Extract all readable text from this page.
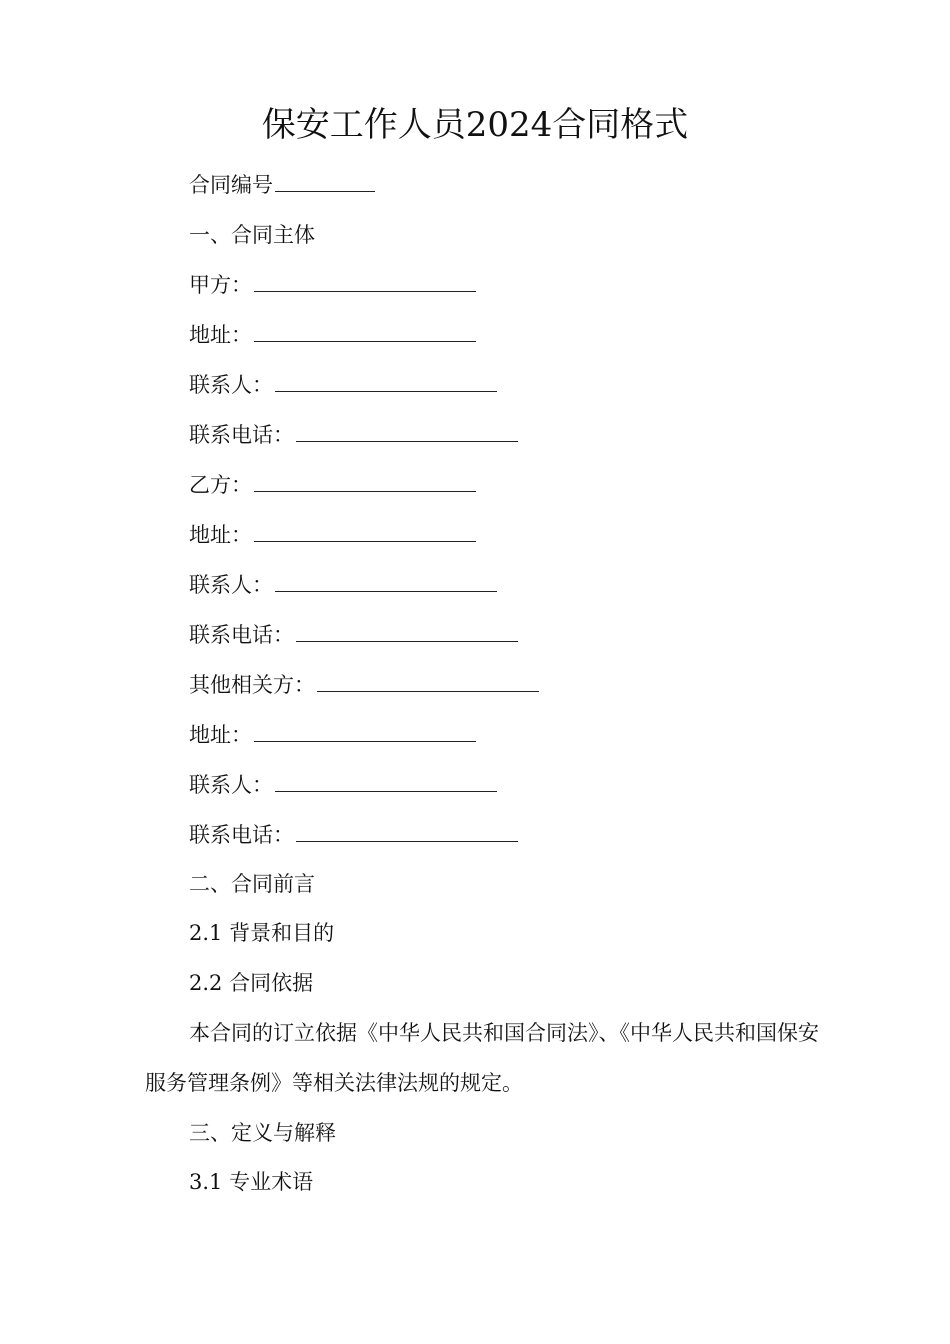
保安工作人员2024合同格式
合同编号
一、合同主体
甲方：
地址：
联系人：
联系电话：
乙方：
地址：
联系人：
联系电话：
其他相关方：
地址：
联系人：
联系电话：
二、合同前言
2.1 背景和目的
2.2 合同依据

本合同的订立依据《中华人民共和国合同法》、《中华人民共和国保安服务管理条例》等相关法律法规的规定。

三、定义与解释
3.1 专业术语
